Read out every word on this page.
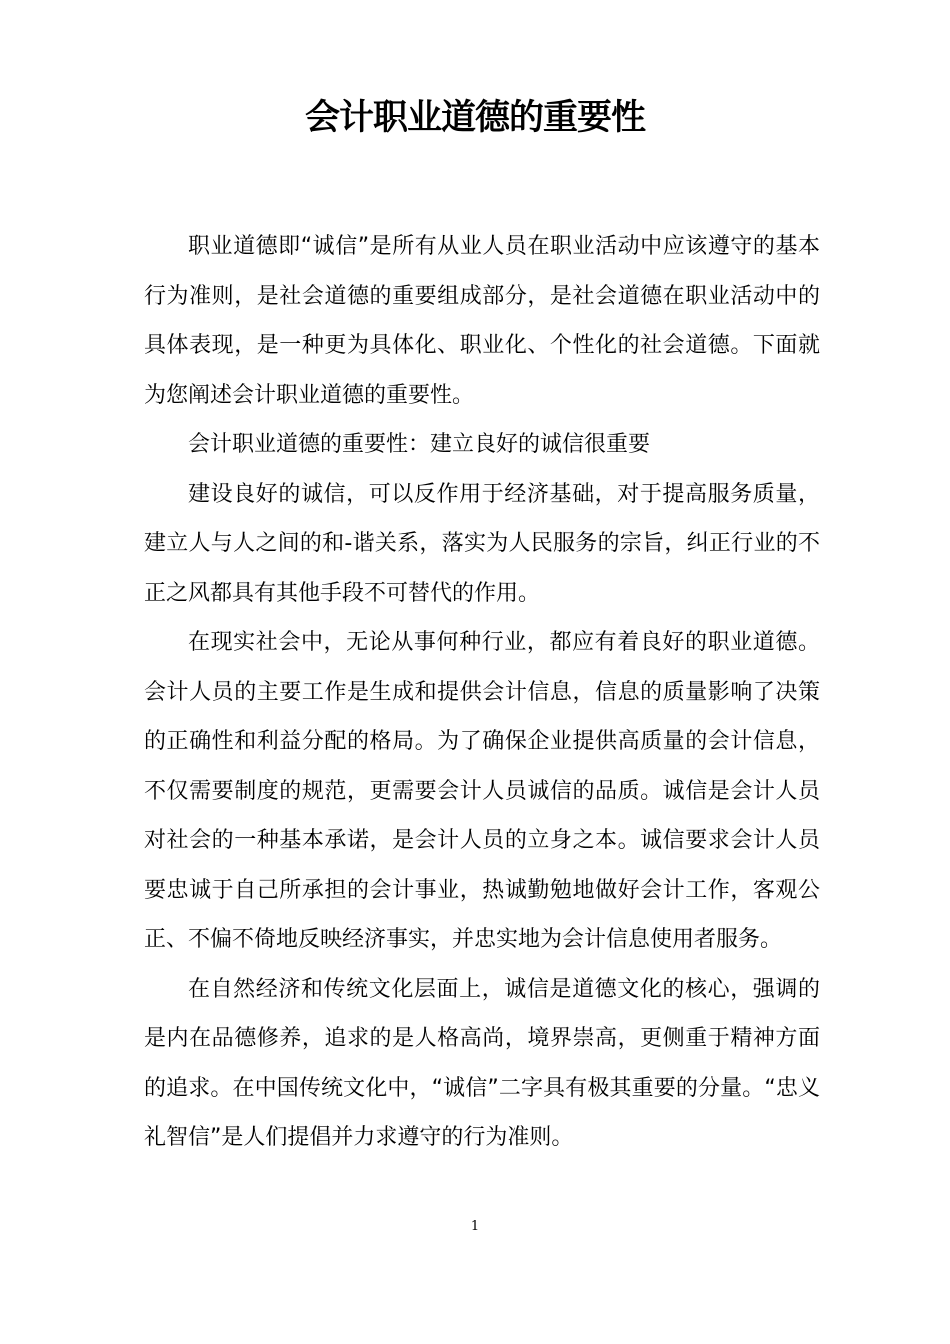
会计职业道德的重要性

职业道德即“诚信”是所有从业人员在职业活动中应该遵守的基本行为准则，是社会道德的重要组成部分，是社会道德在职业活动中的具体表现，是一种更为具体化、职业化、个性化的社会道德。下面就为您阐述会计职业道德的重要性。

会计职业道德的重要性：建立良好的诚信很重要

建设良好的诚信，可以反作用于经济基础，对于提高服务质量，建立人与人之间的和-谐关系，落实为人民服务的宗旨，纠正行业的不正之风都具有其他手段不可替代的作用。

在现实社会中，无论从事何种行业，都应有着良好的职业道德。会计人员的主要工作是生成和提供会计信息，信息的质量影响了决策的正确性和利益分配的格局。为了确保企业提供高质量的会计信息，不仅需要制度的规范，更需要会计人员诚信的品质。诚信是会计人员对社会的一种基本承诺，是会计人员的立身之本。诚信要求会计人员要忠诚于自己所承担的会计事业，热诚勤勉地做好会计工作，客观公正、不偏不倚地反映经济事实，并忠实地为会计信息使用者服务。

在自然经济和传统文化层面上，诚信是道德文化的核心，强调的是内在品德修养，追求的是人格高尚，境界崇高，更侧重于精神方面的追求。在中国传统文化中，“诚信”二字具有极其重要的分量。“忠义礼智信”是人们提倡并力求遵守的行为准则。

1
